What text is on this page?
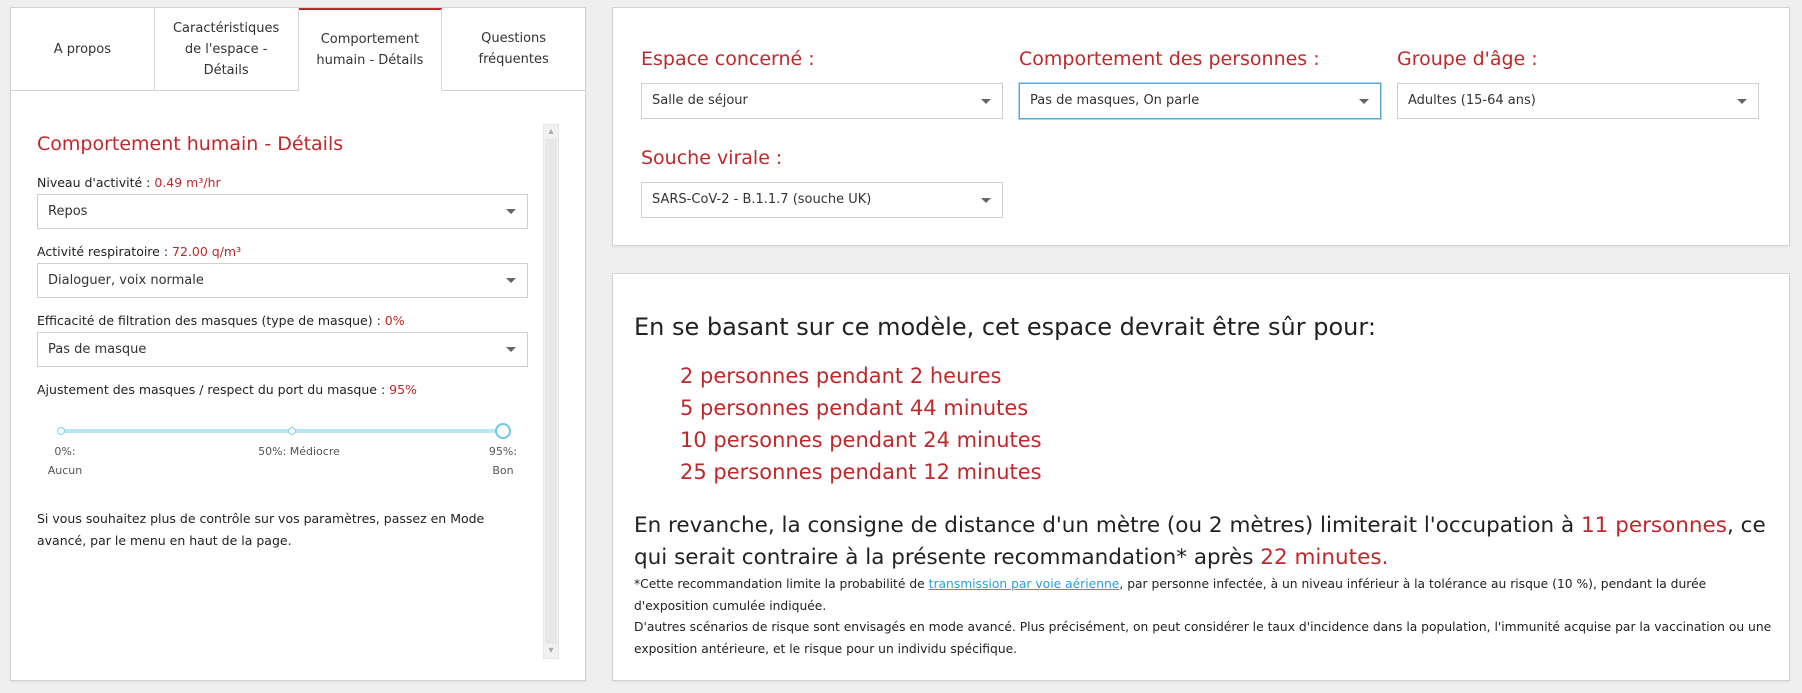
A propos
Caractéristiques de l'espace - Détails
Comportement humain - Détails
Questions fréquentes
Comportement humain - Détails
Niveau d'activité : 0.49 m³/hr
Repos
Activité respiratoire : 72.00 q/m³
Dialoguer, voix normale
Efficacité de filtration des masques (type de masque) : 0%
Pas de masque
Ajustement des masques / respect du port du masque : 95%
0%:
Aucun
50%: Médiocre	95%:
Bon
Si vous souhaitez plus de contrôle sur vos paramètres, passez en Mode avancé, par le menu en haut de la page.
▴
▾
Espace concerné :
Salle de séjour
Comportement des personnes :
Pas de masques, On parle
Groupe d'âge :
Adultes (15-64 ans)
Souche virale :
SARS-CoV-2 - B.1.1.7 (souche UK)
En se basant sur ce modèle, cet espace devrait être sûr pour:
2 personnes pendant 2 heures
5 personnes pendant 44 minutes
10 personnes pendant 24 minutes
25 personnes pendant 12 minutes
En revanche, la consigne de distance d'un mètre (ou 2 mètres) limiterait l'occupation à 11 personnes, ce qui serait contraire à la présente recommandation* après 22 minutes.
*Cette recommandation limite la probabilité de transmission par voie aérienne, par personne infectée, à un niveau inférieur à la tolérance au risque (10 %), pendant la durée d'exposition cumulée indiquée.
D'autres scénarios de risque sont envisagés en mode avancé. Plus précisément, on peut considérer le taux d'incidence dans la population, l'immunité acquise par la vaccination ou une exposition antérieure, et le risque pour un individu spécifique.
